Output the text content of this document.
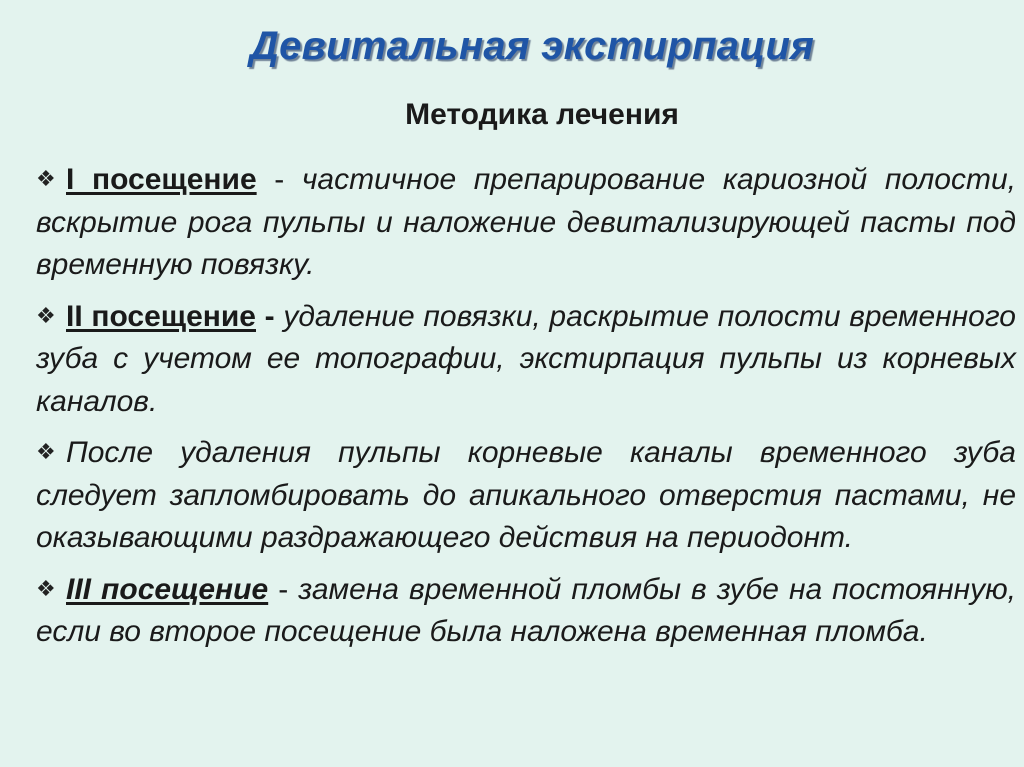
Девитальная экстирпация
Методика лечения
❖ I посещение - частичное препарирование кариозной полости, вскрытие рога пульпы и наложение девитализирующей пасты под временную повязку.
❖ II посещение - удаление повязки, раскрытие полости временного зуба с учетом ее топографии, экстирпация пульпы из корневых каналов.
❖ После удаления пульпы корневые каналы временного зуба следует запломбировать до апикального отверстия пастами, не оказывающими раздражающего действия на периодонт.
❖ III посещение - замена временной пломбы в зубе на постоянную, если во второе посещение была наложена временная пломба.
